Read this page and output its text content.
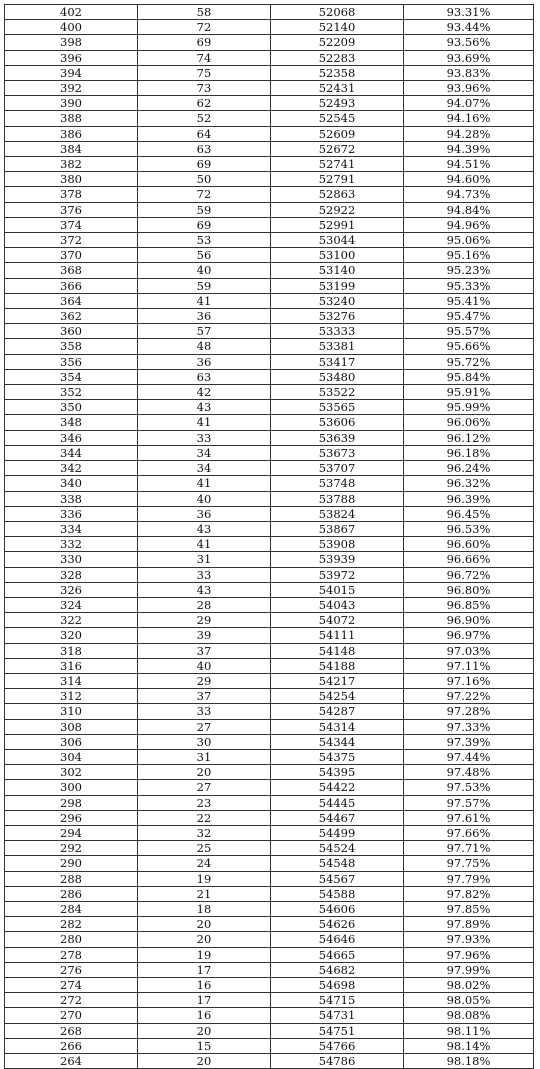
402	58	52068	93.31%
400	72	52140	93.44%
398	69	52209	93.56%
396	74	52283	93.69%
394	75	52358	93.83%
392	73	52431	93.96%
390	62	52493	94.07%
388	52	52545	94.16%
386	64	52609	94.28%
384	63	52672	94.39%
382	69	52741	94.51%
380	50	52791	94.60%
378	72	52863	94.73%
376	59	52922	94.84%
374	69	52991	94.96%
372	53	53044	95.06%
370	56	53100	95.16%
368	40	53140	95.23%
366	59	53199	95.33%
364	41	53240	95.41%
362	36	53276	95.47%
360	57	53333	95.57%
358	48	53381	95.66%
356	36	53417	95.72%
354	63	53480	95.84%
352	42	53522	95.91%
350	43	53565	95.99%
348	41	53606	96.06%
346	33	53639	96.12%
344	34	53673	96.18%
342	34	53707	96.24%
340	41	53748	96.32%
338	40	53788	96.39%
336	36	53824	96.45%
334	43	53867	96.53%
332	41	53908	96.60%
330	31	53939	96.66%
328	33	53972	96.72%
326	43	54015	96.80%
324	28	54043	96.85%
322	29	54072	96.90%
320	39	54111	96.97%
318	37	54148	97.03%
316	40	54188	97.11%
314	29	54217	97.16%
312	37	54254	97.22%
310	33	54287	97.28%
308	27	54314	97.33%
306	30	54344	97.39%
304	31	54375	97.44%
302	20	54395	97.48%
300	27	54422	97.53%
298	23	54445	97.57%
296	22	54467	97.61%
294	32	54499	97.66%
292	25	54524	97.71%
290	24	54548	97.75%
288	19	54567	97.79%
286	21	54588	97.82%
284	18	54606	97.85%
282	20	54626	97.89%
280	20	54646	97.93%
278	19	54665	97.96%
276	17	54682	97.99%
274	16	54698	98.02%
272	17	54715	98.05%
270	16	54731	98.08%
268	20	54751	98.11%
266	15	54766	98.14%
264	20	54786	98.18%
